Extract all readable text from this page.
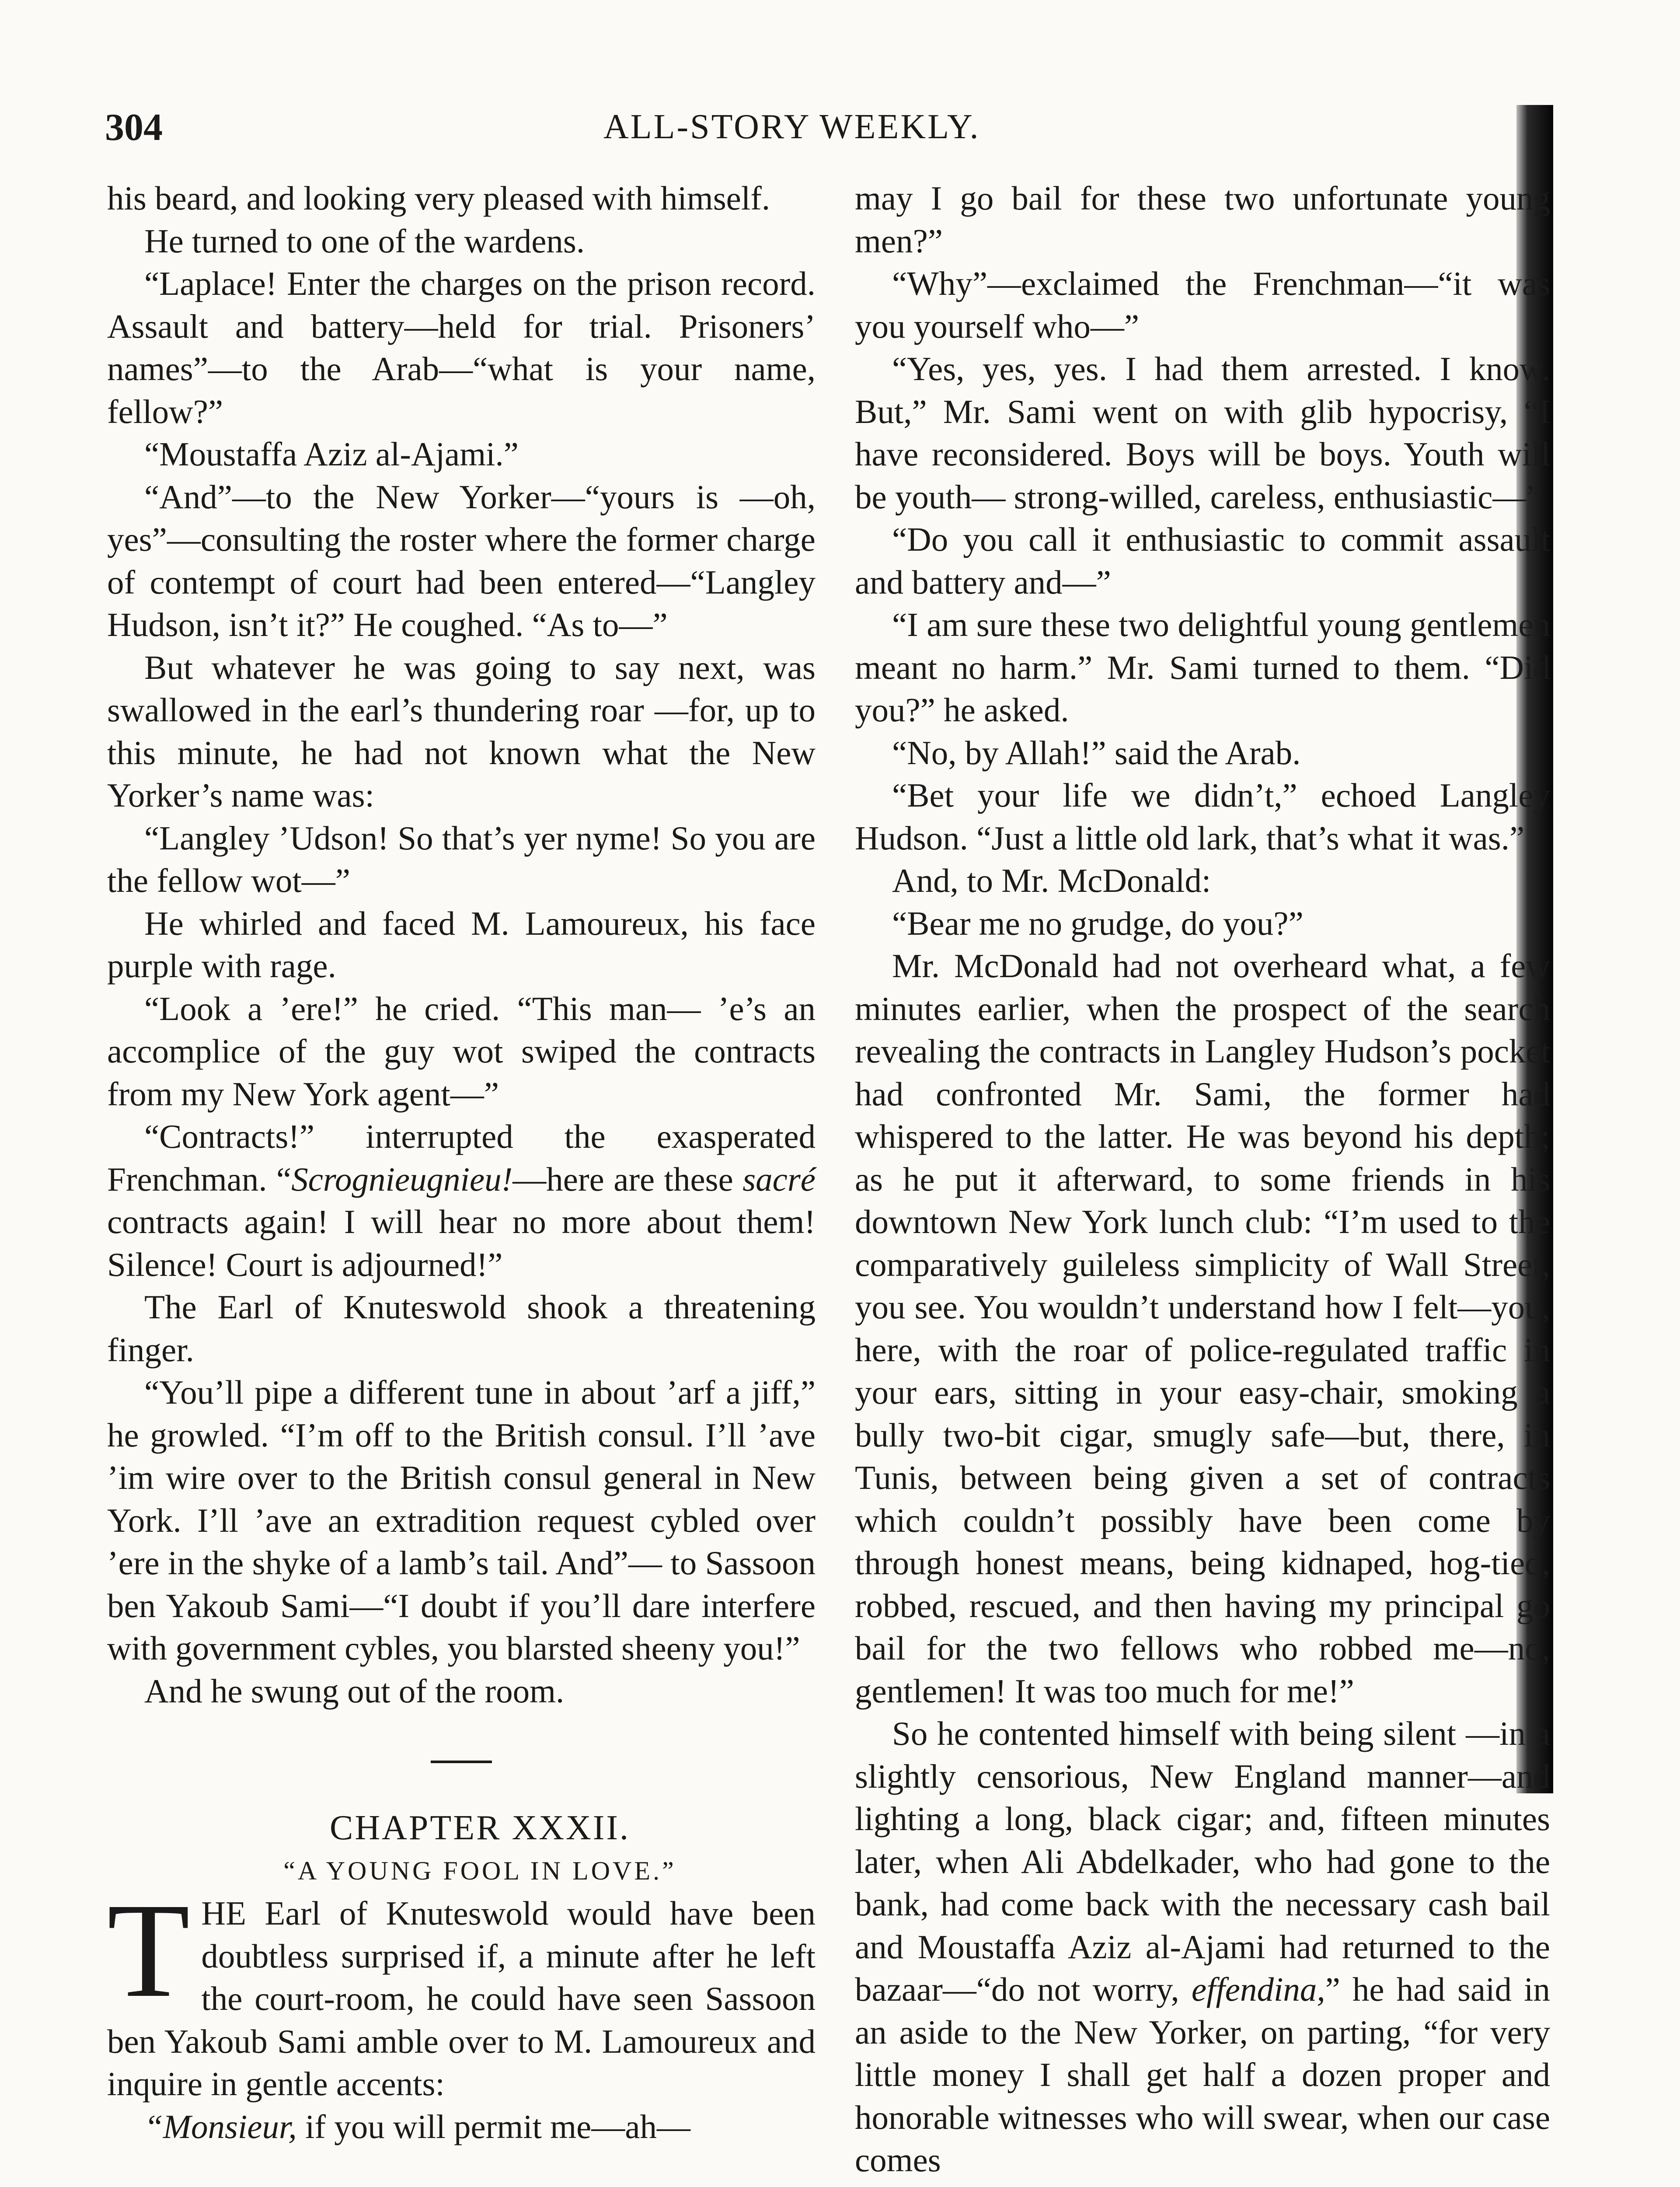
304	ALL-STORY WEEKLY.

his beard, and looking very pleased with himself.

He turned to one of the wardens.

“Laplace! Enter the charges on the prison record. Assault and battery—held for trial. Prisoners’ names”—to the Arab—“what is your name, fellow?”

“Moustaffa Aziz al-Ajami.”

“And”—to the New Yorker—“yours is —oh, yes”—consulting the roster where the former charge of contempt of court had been entered—“Langley Hudson, isn’t it?” He coughed. “As to—”

But whatever he was going to say next, was swallowed in the earl’s thundering roar —for, up to this minute, he had not known what the New Yorker’s name was:

“Langley ’Udson! So that’s yer nyme! So you are the fellow wot—”

He whirled and faced M. Lamoureux, his face purple with rage.

“Look a ’ere!” he cried. “This man— ’e’s an accomplice of the guy wot swiped the contracts from my New York agent—”

“Contracts!” interrupted the exasperated Frenchman. “Scrognieugnieu!—here are these sacré contracts again! I will hear no more about them! Silence! Court is adjourned!”

The Earl of Knuteswold shook a threatening finger.

“You’ll pipe a different tune in about ’arf a jiff,” he growled. “I’m off to the British consul. I’ll ’ave ’im wire over to the British consul general in New York. I’ll ’ave an extradition request cybled over ’ere in the shyke of a lamb’s tail. And”— to Sassoon ben Yakoub Sami—“I doubt if you’ll dare interfere with government cybles, you blarsted sheeny you!”

And he swung out of the room.

CHAPTER XXXII.

“A YOUNG FOOL IN LOVE.”

THE Earl of Knuteswold would have been doubtless surprised if, a minute after he left the court-room, he could have seen Sassoon ben Yakoub Sami amble over to M. Lamoureux and inquire in gentle accents:

“Monsieur, if you will permit me—ah—

may I go bail for these two unfortunate young men?”

“Why”—exclaimed the Frenchman—“it was you yourself who—”

“Yes, yes, yes. I had them arrested. I know. But,” Mr. Sami went on with glib hypocrisy, “I have reconsidered. Boys will be boys. Youth will be youth— strong-willed, careless, enthusiastic—”

“Do you call it enthusiastic to commit assault and battery and—”

“I am sure these two delightful young gentlemen meant no harm.” Mr. Sami turned to them. “Did you?” he asked.

“No, by Allah!” said the Arab.

“Bet your life we didn’t,” echoed Langley Hudson. “Just a little old lark, that’s what it was.”

And, to Mr. McDonald:

“Bear me no grudge, do you?”

Mr. McDonald had not overheard what, a few minutes earlier, when the prospect of the search revealing the contracts in Langley Hudson’s pocket had confronted Mr. Sami, the former had whispered to the latter. He was beyond his depth; as he put it afterward, to some friends in his downtown New York lunch club: “I’m used to the comparatively guileless simplicity of Wall Street, you see. You wouldn’t understand how I felt—you, here, with the roar of police-regulated traffic in your ears, sitting in your easy-chair, smoking a bully two-bit cigar, smugly safe—but, there, in Tunis, between being given a set of contracts which couldn’t possibly have been come by through honest means, being kidnaped, hog-tied, robbed, rescued, and then having my principal go bail for the two fellows who robbed me—no, gentlemen! It was too much for me!”

So he contented himself with being silent —in a slightly censorious, New England manner—and lighting a long, black cigar; and, fifteen minutes later, when Ali Abdelkader, who had gone to the bank, had come back with the necessary cash bail and Moustaffa Aziz al-Ajami had returned to the bazaar—“do not worry, effendina,” he had said in an aside to the New Yorker, on parting, “for very little money I shall get half a dozen proper and honorable witnesses who will swear, when our case comes
